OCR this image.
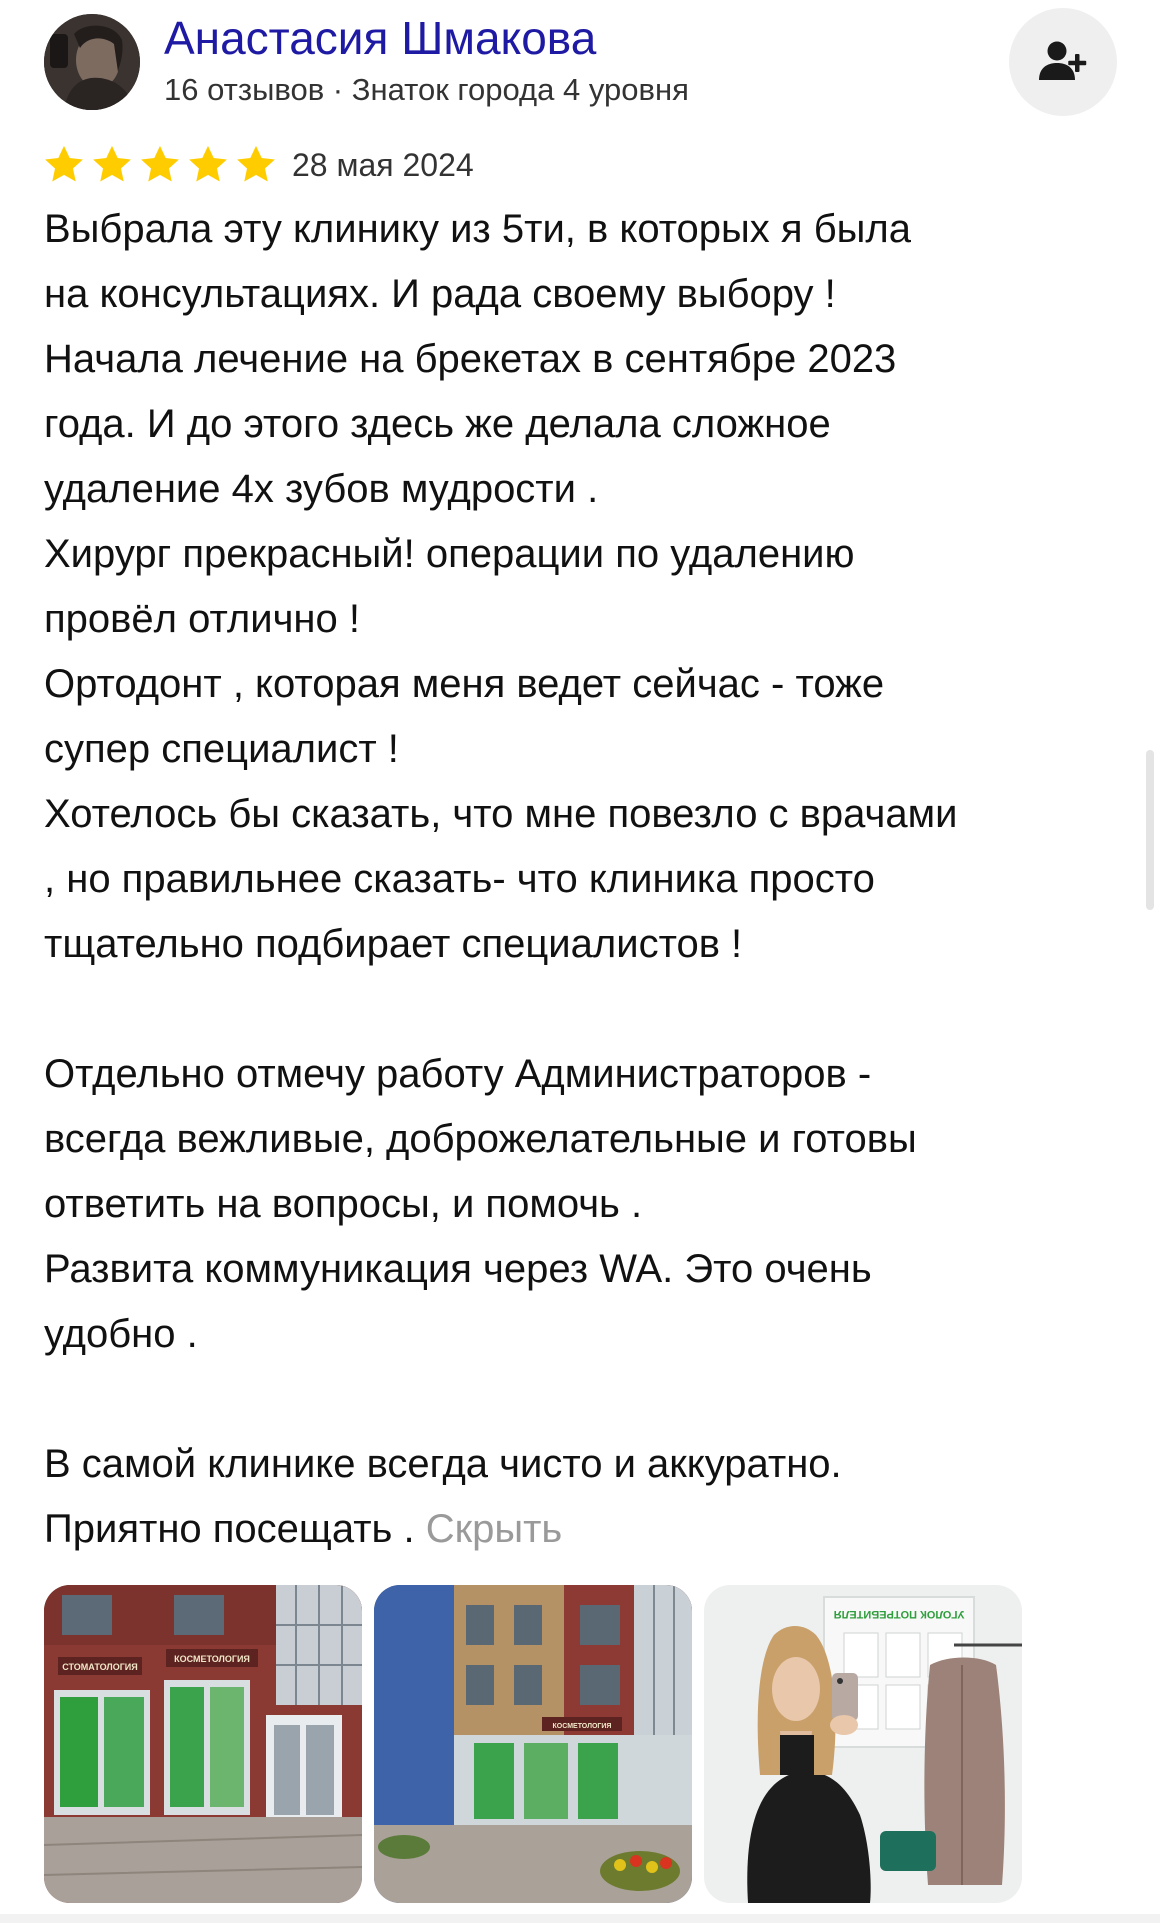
Анастасия Шмакова
16 отзывов · Знаток города 4 уровня
28 мая 2024
Выбрала эту клинику из 5ти, в которых я была
на консультациях. И рада своему выбору !
Начала лечение на брекетах в сентябре 2023
года. И до этого здесь же делала сложное
удаление 4х зубов мудрости .
Хирург прекрасный! операции по удалению
провёл отлично !
Ортодонт , которая меня ведет сейчас - тоже
супер специалист !
Хотелось бы сказать, что мне повезло с врачами
, но правильнее сказать- что клиника просто
тщательно подбирает специалистов !
Отдельно отмечу работу Администраторов -
всегда вежливые, доброжелательные и готовы
ответить на вопросы, и помочь .
Развита коммуникация через WA. Это очень
удобно .
В самой клинике всегда чисто и аккуратно.
Приятно посещать . Скрыть
СТОМАТОЛОГИЯ
КОСМЕТОЛОГИЯ
КОСМЕТОЛОГИЯ
УГОЛОК ПОТРЕБИТЕЛЯ
